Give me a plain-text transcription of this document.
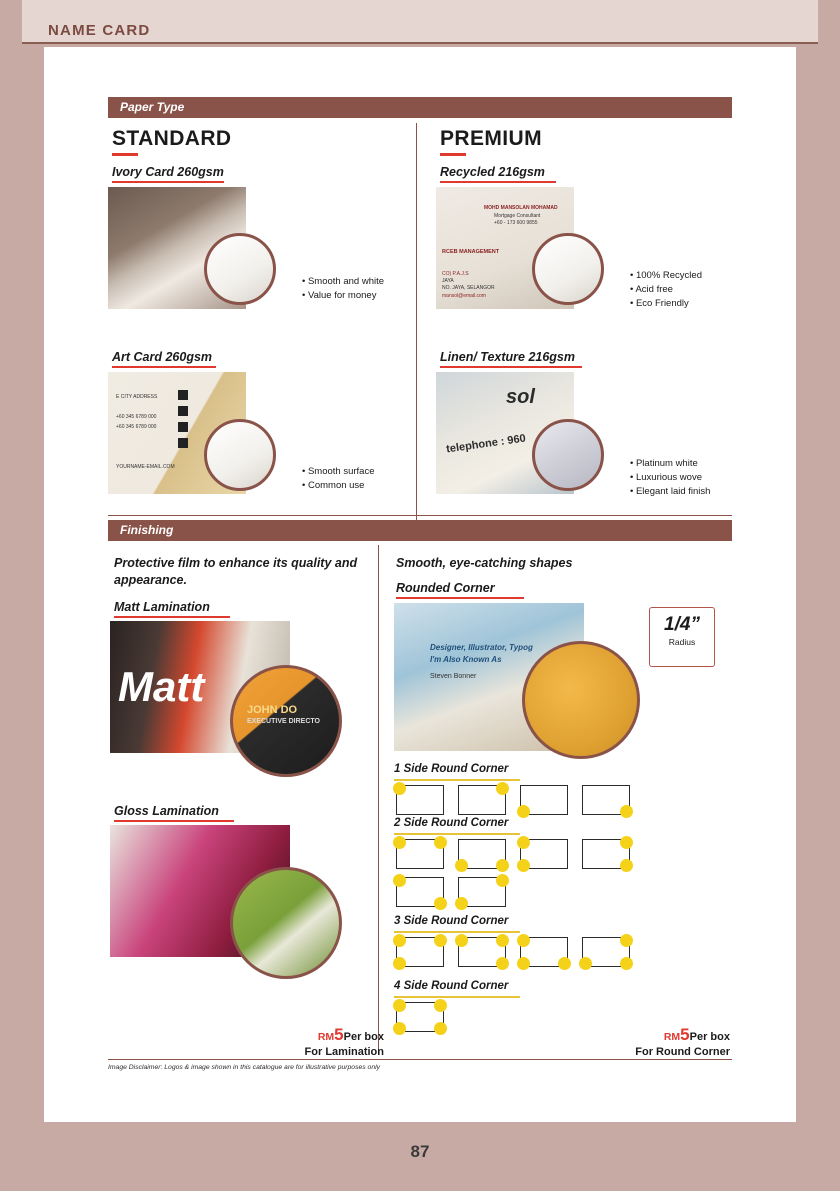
NAME CARD
Paper Type
STANDARD
Ivory Card 260gsm
• Smooth and white
• Value for money
Art Card 260gsm
E CITY ADDRESS
+60 345 6789 000
+60 345 6789 000
YOURNAME-EMAIL.COM	• Smooth surface
• Common use
PREMIUM
Recycled 216gsm
MOHD MANSOLAN MOHAMAD
Mortgage Consultant
+60 - 173 600 9855
RCEB MANAGEMENT
CO) P.A.J.S
JAYA
NO. JAYA, SELANGOR
mansol@email.com
• 100% Recycled
• Acid free
• Eco Friendly
Linen/ Texture 216gsm
sol
telephone : 960
• Platinum white
• Luxurious wove
• Elegant laid finish
Finishing
Protective film to enhance its quality and appearance.
Matt Lamination
Matt	JOHN DO
EXECUTIVE DIRECTO
Gloss Lamination
RM5Per box
For Lamination
Smooth, eye-catching shapes
Rounded Corner
Designer, Illustrator, Typog
I'm Also Known As
Steven Bonner
1/4”
Radius
1 Side Round Corner
2 Side Round Corner
3 Side Round Corner
4 Side Round Corner
RM5Per box
For Round Corner
Image Disclaimer: Logos & image shown in this catalogue are for illustrative purposes only
87
